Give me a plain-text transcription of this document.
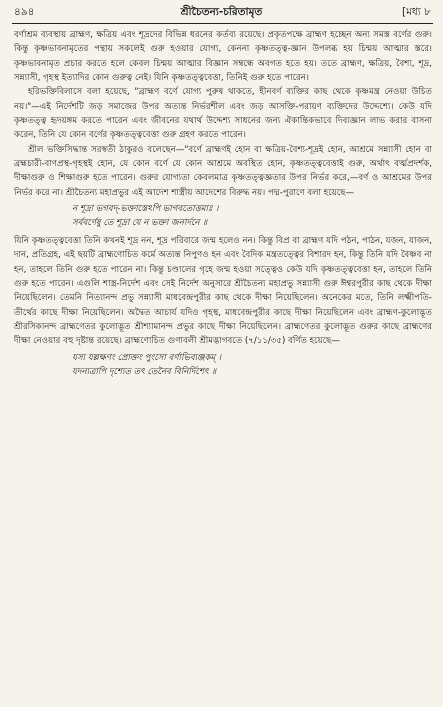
৪৯৪	শ্রীচৈতন্য-চরিতামৃত	[মধ্য ৮

বর্ণাশ্রম ব্যবস্থায় ব্রাহ্মণ, ক্ষত্রিয় এবং শূদ্রদের বিভিন্ন ধরনের কর্তব্য রয়েছে। প্রকৃতপক্ষে ব্রাহ্মণ হচ্ছেন অন্য সমস্ত বর্ণের গুরু। কিন্তু কৃষ্ণভাবনামৃতের পন্থায় সকলেই গুরু হওয়ার যোগ্য, কেননা কৃষ্ণতত্ত্ব-জ্ঞান উপলব্ধ হয় চিন্ময় আত্মার স্তরে। কৃষ্ণভাবনামৃত প্রচার করতে হলে কেবল চিন্ময় আত্মার বিজ্ঞান সম্বন্ধে অবগত হতে হয়। ততে ব্রাহ্মণ, ক্ষত্রিয়, বৈশ্য, শূদ্র, সন্ন্যাসী, গৃহস্থ ইত্যাদির কোন গুরুত্ব নেই। যিনি কৃষ্ণতত্ত্ববেত্তা, তিনিই গুরু হতে পারেন।

হরিভক্তিবিলাসে বলা হয়েছে, "ব্রাহ্মণ বর্ণে যোগ্য পুরুষ থাকতে, হীনবর্ণ ব্যক্তির কাছ থেকে কৃষ্ণমন্ত্র নেওয়া উচিত নয়।"—এই নির্দেশটি জড় সমাজের উপর অত্যন্ত নির্ভরশীল এবং জড় আসক্তি-পরায়ণ ব্যক্তিদের উদ্দেশ্যে। কেউ যদি কৃষ্ণতত্ত্ব হৃদয়ঙ্গম করতে পারেন এবং জীবনের যথার্থ উদ্দেশ্য সাধনের জন্য ঐকান্তিকভাবে দিব্যজ্ঞান লাভ করার বাসনা করেন, তিনি যে কোন বর্ণের কৃষ্ণতত্ত্ববেত্তা গুরু গ্রহণ করতে পারেন।

শ্রীল ভক্তিসিদ্ধান্ত সরস্বতী ঠাকুরও বলেছেন—"বর্ণে ব্রাহ্মণই হোন বা ক্ষত্রিয়-বৈশ্য-শূদ্রই হোন, আশ্রমে সন্ন্যাসী হোন বা ব্রহ্মচারী-বাণপ্রস্থ-গৃহস্থই হোন, যে কোন বর্ণে যে কোন আশ্রমে অবস্থিত হোন, কৃষ্ণতত্ত্ববেত্তাই গুরু, অর্থাৎ বর্ত্মপ্রদর্শক, দীক্ষাগুরু ও শিক্ষাগুরু হতে পারেন। গুরুর যোগ্যতা কেবলমাত্র কৃষ্ণতত্ত্বজ্ঞতার উপর নির্ভর করে,—বর্ণ ও আশ্রমের উপর নির্ভর করে না। শ্রীচৈতন্য মহাপ্রভুর এই আদেশ শাস্ত্রীয় আদেশের বিরুদ্ধ নয়। পদ্ম-পুরাণে বলা হয়েছে—

ন শূদ্রা ভগবদ্-ভক্তাস্তেঽপি ভাগবতোত্তমাঃ ।
সর্ববর্ণেষু তে শূদ্রা যে ন ভক্তা জনার্দনে ॥

যিনি কৃষ্ণতত্ত্ববেত্তা তিনি কখনই শূদ্র নন, শূদ্র পরিবারে জন্ম হলেও নন। কিন্তু বিপ্র বা ব্রাহ্মণ যদি পঠন, পাঠন, যজন, যাজন, দান, প্রতিগ্রহ, এই ছয়টি ব্রাহ্মণোচিত কর্মে অত্যন্ত নিপুণও হন এবং বৈদিক মন্ত্রতত্ত্বের বিশারদ হন, কিন্তু তিনি যদি বৈষ্ণব না হন, তাহলে তিনি গুরু হতে পারেন না। কিন্তু চণ্ডালের গৃহে জন্ম হওয়া সত্ত্বেও কেউ যদি কৃষ্ণতত্ত্ববেত্তা হন, তাহলে তিনি গুরু হতে পারেন। এগুলি শাস্ত্র-নির্দেশ এবং সেই নির্দেশ অনুসারে শ্রীচৈতন্য মহাপ্রভু সন্ন্যাসী গুরু ঈশ্বরপুরীর কাছ থেকে দীক্ষা নিয়েছিলেন। তেমনি নিত্যানন্দ প্রভু সন্ন্যাসী মাধবেন্দ্রপুরীর কাছ থেকে দীক্ষা নিয়েছিলেন। অনেকের মতে, তিনি লক্ষ্মীপতি-তীর্থের কাছে দীক্ষা নিয়েছিলেন। অদ্বৈত আচার্য যদিও গৃহস্থ, মাধবেন্দ্রপুরীর কাছে দীক্ষা নিয়েছিলেন এবং ব্রাহ্মণ-কুলোদ্ভূত শ্রীরসিকানন্দ ব্রাহ্মণেতর কুলোদ্ভূত শ্রীশ্যামানন্দ প্রভুর কাছে দীক্ষা নিয়েছিলেন। ব্রাহ্মণেতর কুলোদ্ভূত গুরুর কাছে ব্রাহ্মণের দীক্ষা নেওয়ার বহু দৃষ্টান্ত রয়েছে। ব্রাহ্মণোচিত গুণাবলী শ্রীমদ্ভাগবতে (৭/১১/৩৫) বর্ণিত হয়েছে—

যস্য যল্লক্ষণং প্রোক্তং পুংসো বর্ণাভিব্যঞ্জকম্ ।
যদন্যত্রাপি দৃশ্যেত তৎ তেনৈব বিনির্দিশেৎ ॥
